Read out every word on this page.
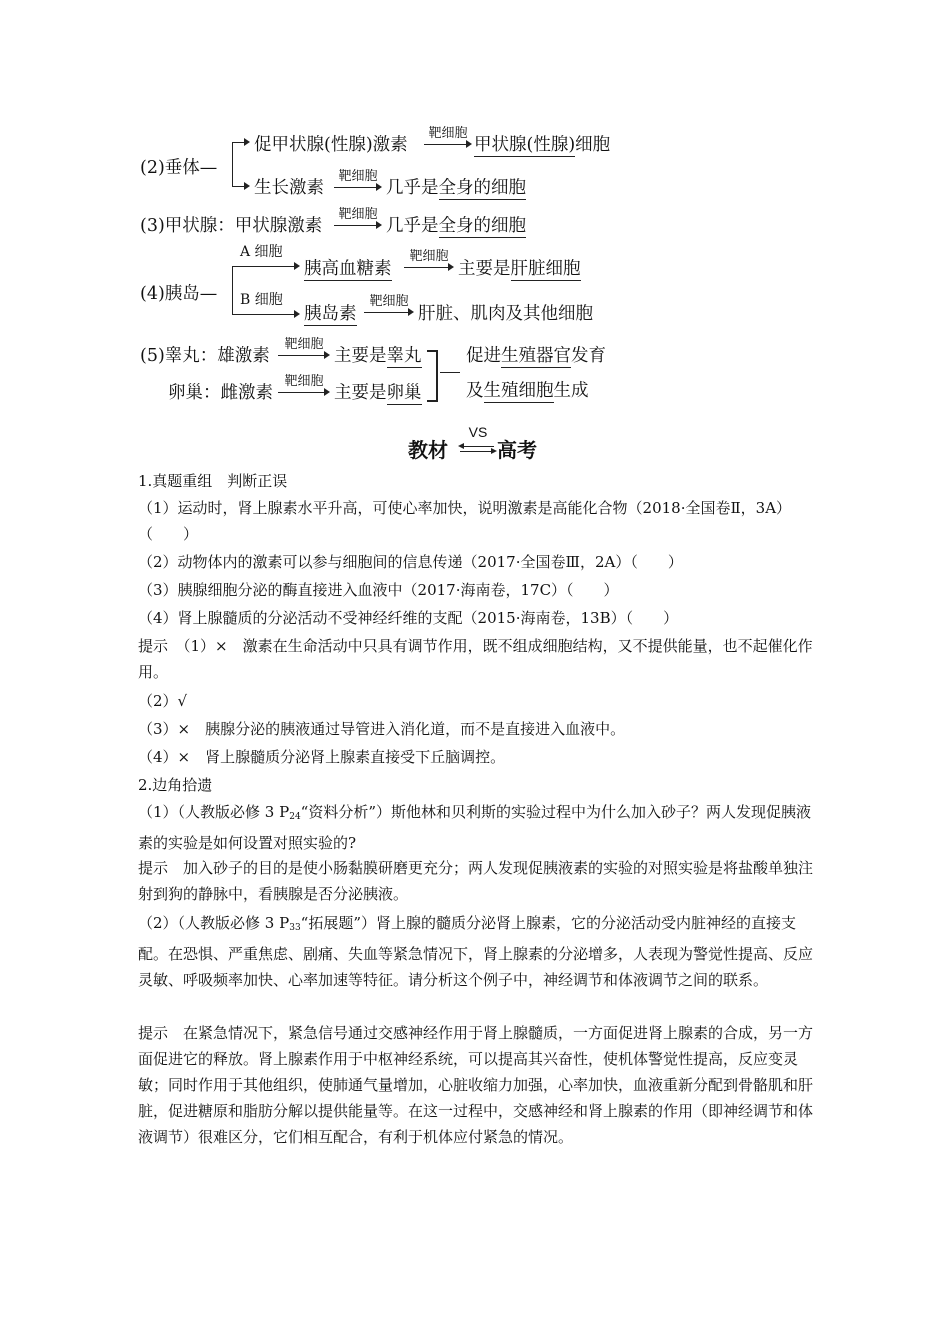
(2)垂体—
促甲状腺(性腺)激素
靶细胞
甲状腺(性腺)细胞
生长激素
靶细胞
几乎是全身的细胞
(3)甲状腺：甲状腺激素
靶细胞
几乎是全身的细胞
(4)胰岛—
A 细胞
B 细胞
胰高血糖素
靶细胞
主要是肝脏细胞
胰岛素
靶细胞
肝脏、肌肉及其他细胞
(5)睾丸：雄激素
靶细胞
主要是睾丸
卵巢：雌激素
靶细胞
主要是卵巢
促进生殖器官发育
及生殖细胞生成
教材
VS
高考
1.真题重组　判断正误
（1）运动时，肾上腺素水平升高，可使心率加快，说明激素是高能化合物（2018·全国卷Ⅱ，3A）（　　）
（2）动物体内的激素可以参与细胞间的信息传递（2017·全国卷Ⅲ，2A）（　　）
（3）胰腺细胞分泌的酶直接进入血液中（2017·海南卷，17C）（　　）
（4）肾上腺髓质的分泌活动不受神经纤维的支配（2015·海南卷，13B）（　　）
提示　（1）×　激素在生命活动中只具有调节作用，既不组成细胞结构，又不提供能量，也不起催化作用。
（2）√
（3）×　胰腺分泌的胰液通过导管进入消化道，而不是直接进入血液中。
（4）×　肾上腺髓质分泌肾上腺素直接受下丘脑调控。
2.边角拾遗
（1）（人教版必修 3 $P_{24}“$资料分析”）斯他林和贝利斯的实验过程中为什么加入砂子？两人发现促胰液素的实验是如何设置对照实验的?
提示　加入砂子的目的是使小肠黏膜研磨更充分；两人发现促胰液素的实验的对照实验是将盐酸单独注射到狗的静脉中，看胰腺是否分泌胰液。
（2）（人教版必修 3 $P_{33}“$拓展题”）肾上腺的髓质分泌肾上腺素，它的分泌活动受内脏神经的直接支配。在恐惧、严重焦虑、剧痛、失血等紧急情况下，肾上腺素的分泌增多，人表现为警觉性提高、反应灵敏、呼吸频率加快、心率加速等特征。请分析这个例子中，神经调节和体液调节之间的联系。
提示　在紧急情况下，紧急信号通过交感神经作用于肾上腺髓质，一方面促进肾上腺素的合成，另一方面促进它的释放。肾上腺素作用于中枢神经系统，可以提高其兴奋性，使机体警觉性提高，反应变灵敏；同时作用于其他组织，使肺通气量增加，心脏收缩力加强，心率加快，血液重新分配到骨骼肌和肝脏，促进糖原和脂肪分解以提供能量等。在这一过程中，交感神经和肾上腺素的作用（即神经调节和体液调节）很难区分，它们相互配合，有利于机体应付紧急的情况。
